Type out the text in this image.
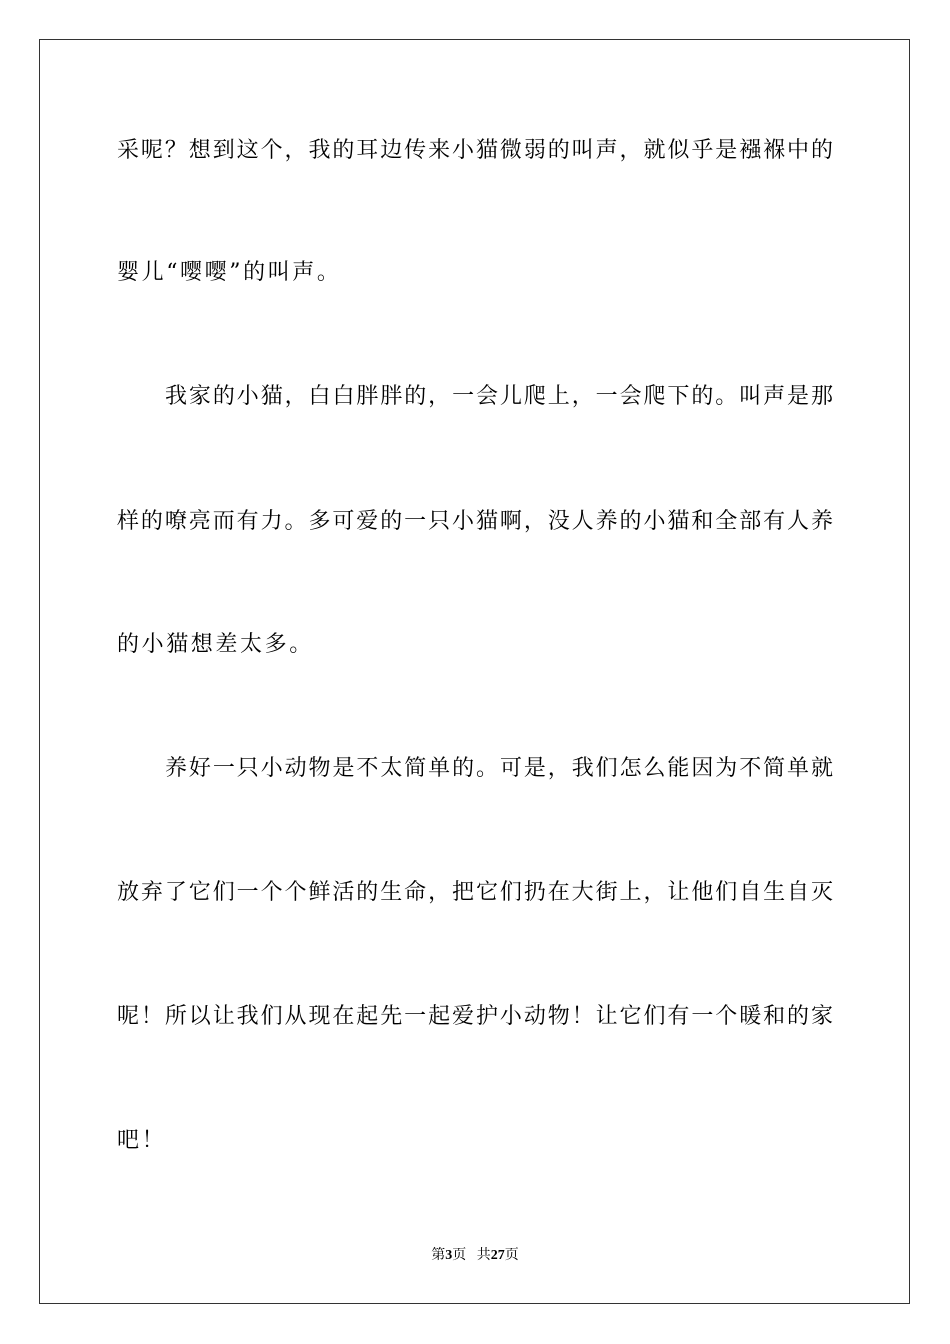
采呢？想到这个，我的耳边传来小猫微弱的叫声，就似乎是襁褓中的
婴儿“嘤嘤”的叫声。
我家的小猫，白白胖胖的，一会儿爬上，一会爬下的。叫声是那
样的嘹亮而有力。多可爱的一只小猫啊，没人养的小猫和全部有人养
的小猫想差太多。
养好一只小动物是不太简单的。可是，我们怎么能因为不简单就
放弃了它们一个个鲜活的生命，把它们扔在大街上，让他们自生自灭
呢！所以让我们从现在起先一起爱护小动物！让它们有一个暖和的家
吧！
第3页 共27页
